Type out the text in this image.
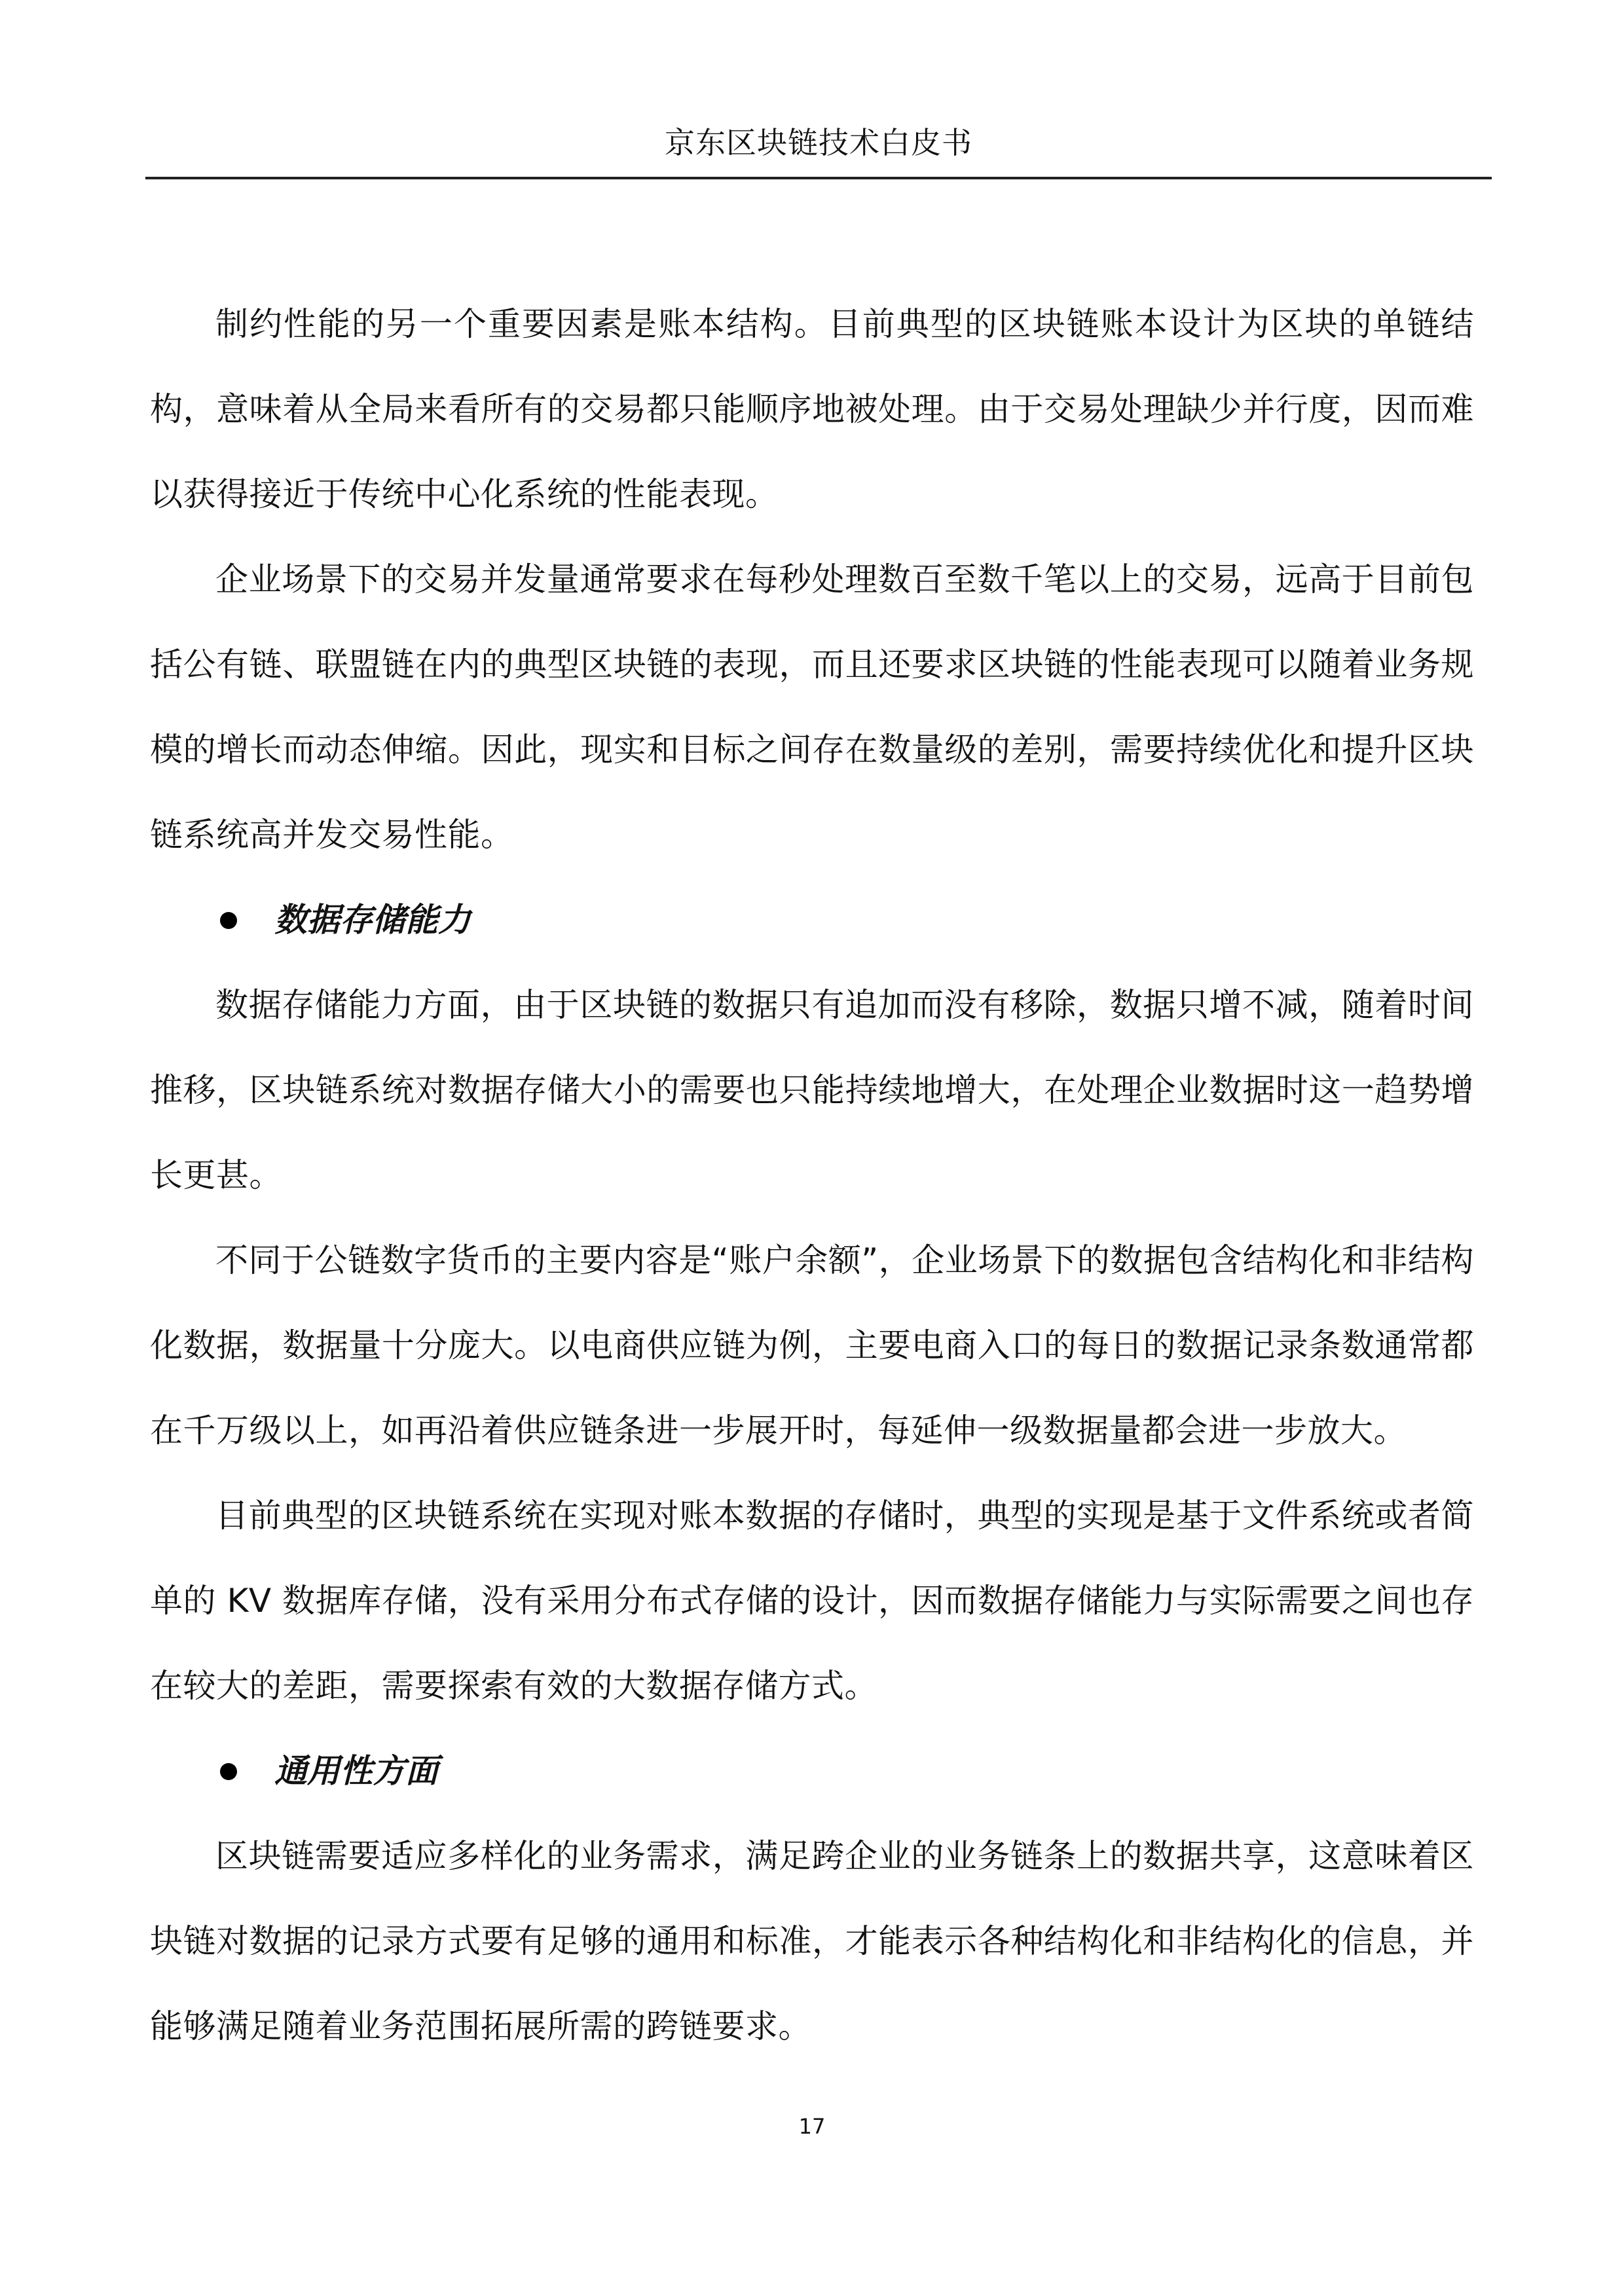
京东区块链技术白皮书

制约性能的另一个重要因素是账本结构。目前典型的区块链账本设计为区块的单链结构，意味着从全局来看所有的交易都只能顺序地被处理。由于交易处理缺少并行度，因而难以获得接近于传统中心化系统的性能表现。

企业场景下的交易并发量通常要求在每秒处理数百至数千笔以上的交易，远高于目前包括公有链、联盟链在内的典型区块链的表现，而且还要求区块链的性能表现可以随着业务规模的增长而动态伸缩。因此，现实和目标之间存在数量级的差别，需要持续优化和提升区块链系统高并发交易性能。

数据存储能力

数据存储能力方面，由于区块链的数据只有追加而没有移除，数据只增不减，随着时间推移，区块链系统对数据存储大小的需要也只能持续地增大，在处理企业数据时这一趋势增长更甚。

不同于公链数字货币的主要内容是“账户余额”，企业场景下的数据包含结构化和非结构化数据，数据量十分庞大。以电商供应链为例，主要电商入口的每日的数据记录条数通常都在千万级以上，如再沿着供应链条进一步展开时，每延伸一级数据量都会进一步放大。

目前典型的区块链系统在实现对账本数据的存储时，典型的实现是基于文件系统或者简单的 KV 数据库存储，没有采用分布式存储的设计，因而数据存储能力与实际需要之间也存在较大的差距，需要探索有效的大数据存储方式。

通用性方面

区块链需要适应多样化的业务需求，满足跨企业的业务链条上的数据共享，这意味着区块链对数据的记录方式要有足够的通用和标准，才能表示各种结构化和非结构化的信息，并能够满足随着业务范围拓展所需的跨链要求。

17
